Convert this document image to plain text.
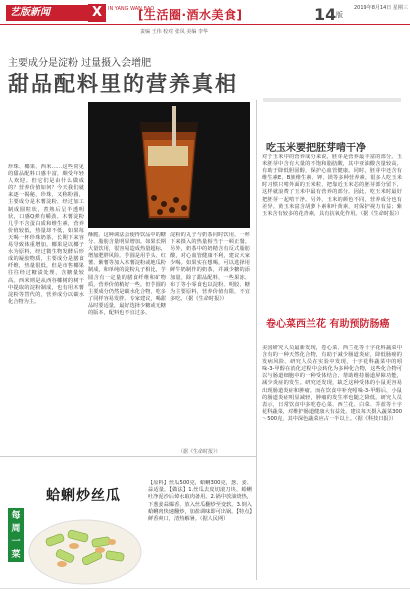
艺版新闻	X	IN YANG WAN BAO
[生活圈·酒水美食]	14 版
2019年8月14日 星期三
责编 王伟 校对 张凤 美编 李华
主要成分是淀粉 过量摄入会增肥
甜品配料里的营养真相
珍珠、椰果、西米……这些常见的甜品配料口感丰富，颇受年轻人欢迎。但它们是由什么做成的？营养价值如何？今天我们就来逐一揭秘。珍珠，又称粉圆，主要成分是木薯淀粉，经过加工制成圆粒状，煮熟后呈半透明状，口感Q弹有嚼劲。木薯淀粉几乎不含蛋白质和维生素，营养价值较低，热量却不低，如果每天喝一杯珍珠奶茶，长期下来容易导致体重增加。椰果是以椰子水为原料，经过微生物发酵后形成的凝胶物质，主要成分是膳食纤维，热量很低，但是市售椰果往往经过糖渍处理，含糖量较高。西米则是从西谷椰树的树干中提取的淀粉制成，也有用木薯淀粉等替代的，营养成分以碳水化合物为主。
酥脆、这种调法会使得饮品中的糖分、脂肪含量明显增加。如果长期大量饮用，很容易造成热量超标，增加肥胖风险。芋圆是用芋头、红薯、紫薯等加入木薯淀粉或地瓜粉制成，和单纯的淀粉丸子相比，芋圆含有一定量的膳食纤维和矿物质，营养价值稍好一些。但芋圆的主要成分仍然是碳水化合物，吃多了同样容易发胖。专家建议，喝甜品时要适量，最好选择少糖或无糖的版本，配料也不宜过多。
淀粉的丸子与奶茶同时饮用，一杯下来摄入的热量相当于一顿正餐。另外，奶茶中的奶精含有反式脂肪酸，对心血管健康不利，建议大家少喝。如果实在想喝，可以选择用鲜牛奶制作的奶茶，并减少糖的添加量。除了甜品配料，一些果冻、布丁等小零食也以淀粉、明胶、糖为主要原料，营养价值有限，不宜多吃。（据《生命时报》）
（据《生命时报》）
吃玉米要把胚芽啃干净
对于玉米中的营养成分来说，胚芽是营养最丰富的部分。玉米胚芽中含有大量的不饱和脂肪酸，其中亚油酸含量较高，有助于降低胆固醇，保护心血管健康。同时，胚芽中还含有维生素E、B族维生素、钾、镁等多种营养素。很多人吃玉米时习惯只啃外面的玉米粒，把靠近玉米芯的胚芽部分留下，这样就浪费了玉米中最有营养的部分。因此，吃玉米时最好把胚芽一起啃干净。另外，玉米的颜色不同，营养成分也有差异。黄玉米富含胡萝卜素和叶黄素，对保护视力有益；紫玉米含有较多的花青素，具有抗氧化作用。（据《生命时报》）
卷心菜西兰花 有助预防肠癌
美国研究人员最新发现，卷心菜、西兰花等十字花科蔬菜中含有的一种天然化合物，有助于减少肠道炎症，降低肠癌的发病风险。研究人员在实验中发现，十字花科蔬菜中的吲哚-3-甲醇在消化过程中会转化为多种化合物，这些化合物可以与肠道细胞中的一种受体结合，帮助维持肠道屏障功能，减少炎症的发生。研究还发现，缺乏这种受体的小鼠更容易出现肠道炎症和肿瘤。而在饮食中补充吲哚-3-甲醇后，小鼠的肠道炎症明显减轻，肿瘤的发生率也随之降低。研究人员表示，日常饮食中多吃卷心菜、西兰花、白菜、芥蓝等十字花科蔬菜，对维护肠道健康大有益处。建议每天摄入蔬菜300～500克，其中深色蔬菜应占一半以上。（据《科技日报》）
蛤蜊炒丝瓜
每
周
一
菜
【原料】丝瓜500克，蛤蜊300克，葱、姜、蒜适量。【做法】1.丝瓜去皮切滚刀块，蛤蜊吐净泥沙后焯水取肉备用。2.锅中放油烧热，下葱姜蒜爆香，放入丝瓜翻炒至变软。3.倒入蛤蜊肉快速翻炒，加盐调味即可出锅。【特点】鲜香爽口，清热解暑。（据人民网）
